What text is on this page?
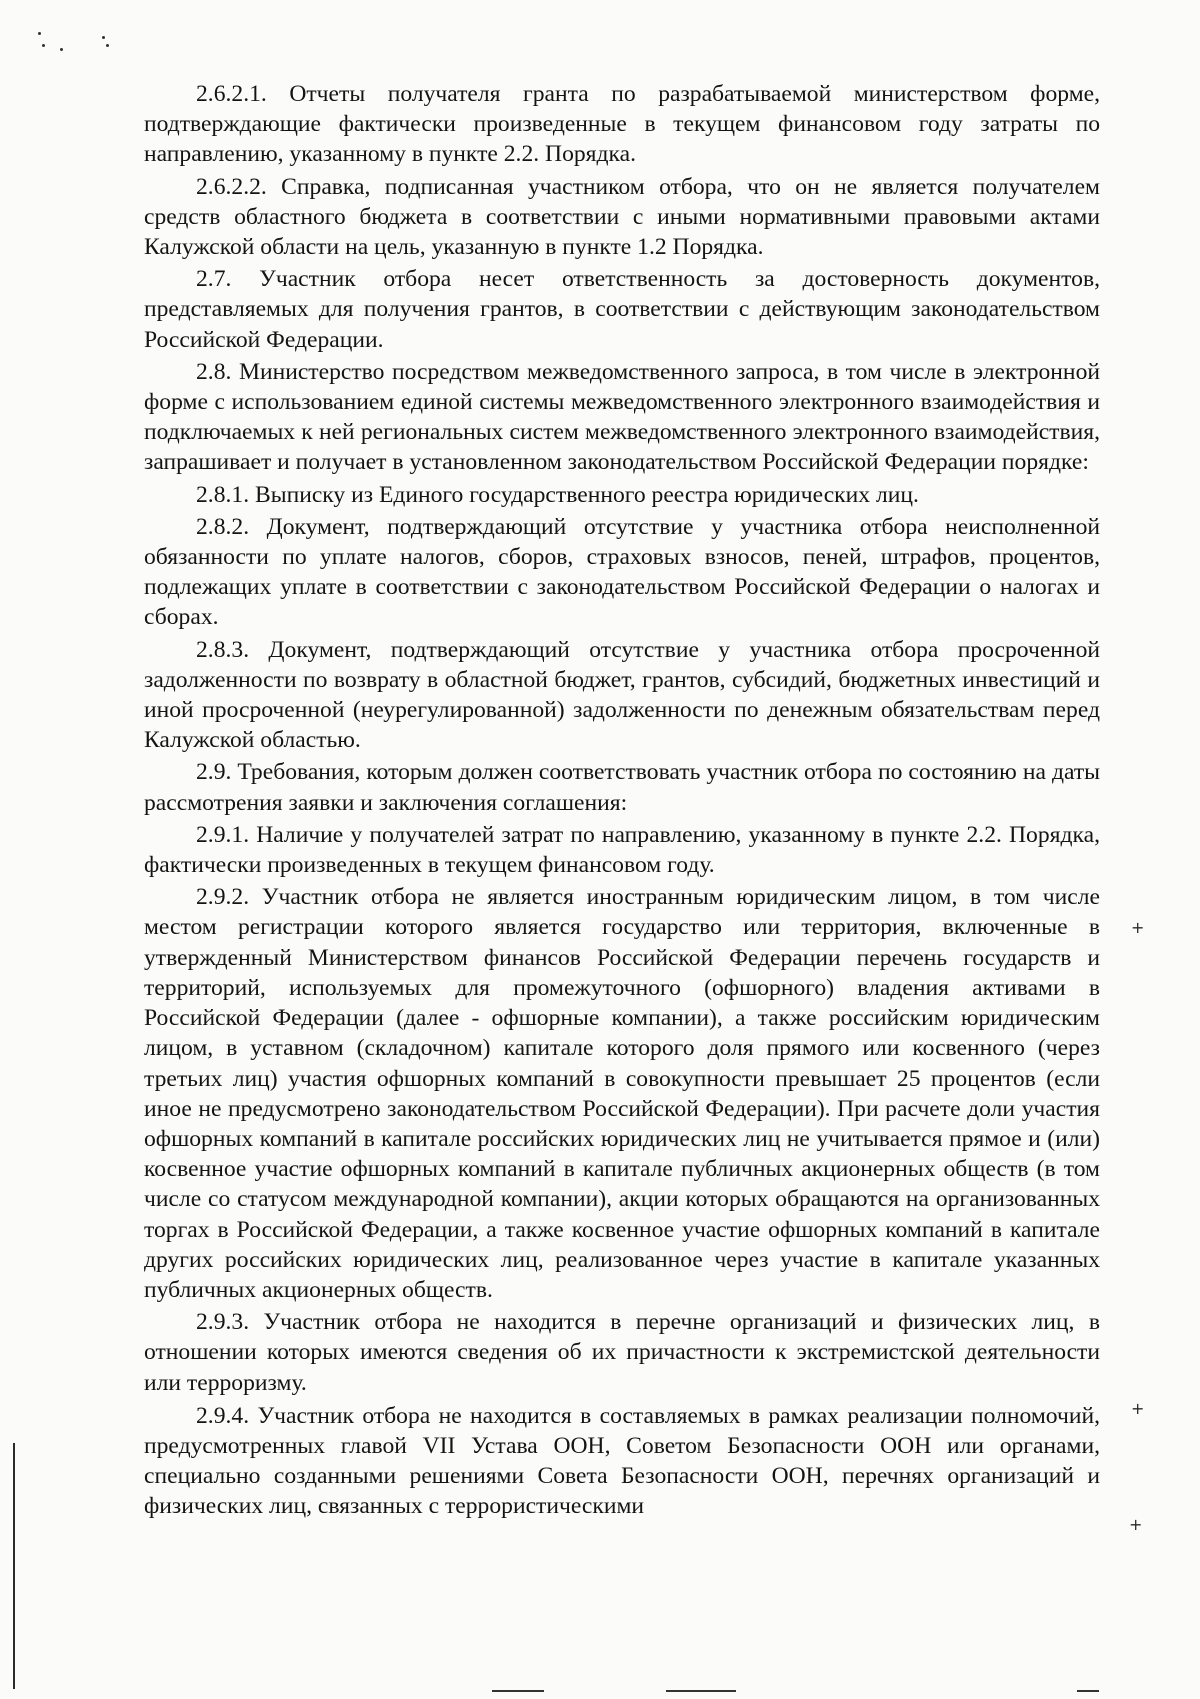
2.6.2.1. Отчеты получателя гранта по разрабатываемой министерством форме, подтверждающие фактически произведенные в текущем финансовом году затраты по направлению, указанному в пункте 2.2. Порядка.

2.6.2.2. Справка, подписанная участником отбора, что он не является получателем средств областного бюджета в соответствии с иными нормативными правовыми актами Калужской области на цель, указанную в пункте 1.2 Порядка.

2.7. Участник отбора несет ответственность за достоверность документов, представляемых для получения грантов, в соответствии с действующим законодательством Российской Федерации.

2.8. Министерство посредством межведомственного запроса, в том числе в электронной форме с использованием единой системы межведомственного электронного взаимодействия и подключаемых к ней региональных систем межведомственного электронного взаимодействия, запрашивает и получает в установленном законодательством Российской Федерации порядке:

2.8.1. Выписку из Единого государственного реестра юридических лиц.

2.8.2. Документ, подтверждающий отсутствие у участника отбора неисполненной обязанности по уплате налогов, сборов, страховых взносов, пеней, штрафов, процентов, подлежащих уплате в соответствии с законодательством Российской Федерации о налогах и сборах.

2.8.3. Документ, подтверждающий отсутствие у участника отбора просроченной задолженности по возврату в областной бюджет, грантов, субсидий, бюджетных инвестиций и иной просроченной (неурегулированной) задолженности по денежным обязательствам перед Калужской областью.

2.9. Требования, которым должен соответствовать участник отбора по состоянию на даты рассмотрения заявки и заключения соглашения:

2.9.1. Наличие у получателей затрат по направлению, указанному в пункте 2.2. Порядка, фактически произведенных в текущем финансовом году.

2.9.2. Участник отбора не является иностранным юридическим лицом, в том числе местом регистрации которого является государство или территория, включенные в утвержденный Министерством финансов Российской Федерации перечень государств и территорий, используемых для промежуточного (офшорного) владения активами в Российской Федерации (далее - офшорные компании), а также российским юридическим лицом, в уставном (складочном) капитале которого доля прямого или косвенного (через третьих лиц) участия офшорных компаний в совокупности превышает 25 процентов (если иное не предусмотрено законодательством Российской Федерации). При расчете доли участия офшорных компаний в капитале российских юридических лиц не учитывается прямое и (или) косвенное участие офшорных компаний в капитале публичных акционерных обществ (в том числе со статусом международной компании), акции которых обращаются на организованных торгах в Российской Федерации, а также косвенное участие офшорных компаний в капитале других российских юридических лиц, реализованное через участие в капитале указанных публичных акционерных обществ.

2.9.3. Участник отбора не находится в перечне организаций и физических лиц, в отношении которых имеются сведения об их причастности к экстремистской деятельности или терроризму.

2.9.4. Участник отбора не находится в составляемых в рамках реализации полномочий, предусмотренных главой VII Устава ООН, Советом Безопасности ООН или органами, специально созданными решениями Совета Безопасности ООН, перечнях организаций и физических лиц, связанных с террористическими

+
+
+
